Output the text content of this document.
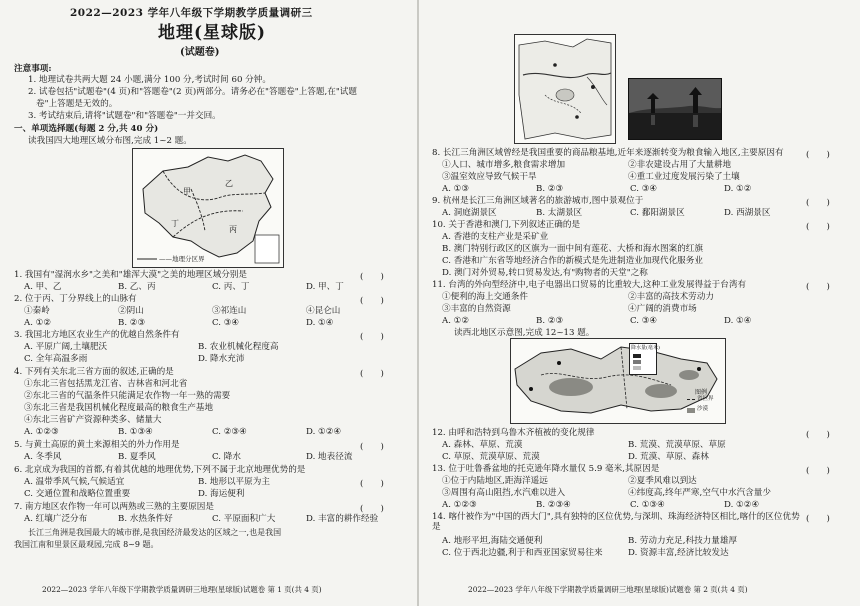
2022—2023 学年八年级下学期教学质量调研三
地理(星球版)
(试题卷)
注意事项:
1. 地理试卷共两大题 24 小题,满分 100 分,考试时间 60 分钟。
2. 试卷包括"试题卷"(4 页)和"答题卷"(2 页)两部分。请务必在"答题卷"上答题,在"试题
卷"上答题是无效的。
3. 考试结束后,请将"试题卷"和"答题卷"一并交回。
一、单项选择题(每题 2 分,共 40 分)
读我国四大地理区域分布图,完成 1~2 题。
甲
乙
丙
丁
——地理分区界
1. 我国有"湿润水乡"之美和"雄浑大漠"之美的地理区域分别是	(　　)
A. 甲、乙	B. 乙、丙	C. 丙、丁	D. 甲、丁
2. 位于丙、丁分界线上的山脉有	(　　)
①秦岭	②阴山	③祁连山	④昆仑山
A. ①②	B. ②③	C. ③④	D. ①④
3. 我国北方地区农业生产的优越自然条件有	(　　)
A. 平原广阔,土壤肥沃	B. 农业机械化程度高
C. 全年高温多雨	D. 降水充沛
4. 下列有关东北三省方面的叙述,正确的是	(　　)
①东北三省包括黑龙江省、吉林省和河北省
②东北三省的气温条件只能满足农作物一年一熟的需要
③东北三省是我国机械化程度最高的粮食生产基地
④东北三省矿产资源种类多、储量大
A. ①②③	B. ①③④	C. ②③④	D. ①②④
5. 与黄土高原的黄土来源相关的外力作用是	(　　)
A. 冬季风	B. 夏季风	C. 降水	D. 地表径流
6. 北京成为我国的首都,有着其优越的地理优势,下列不属于北京地理优势的是
(　　)
A. 温带季风气候,气候适宜	B. 地形以平原为主
C. 交通位置和战略位置重要	D. 海运便利
7. 南方地区农作物一年可以两熟或三熟的主要原因是	(　　)
A. 红壤广泛分布	B. 水热条件好	C. 平原面积广大	D. 丰富的耕作经验
长江三角洲是我国最大的城市群,是我国经济最发达的区域之一,也是我国
我国江南和里景区最观园,完成 8~9 题。
2022—2023 学年八年级下学期教学质量调研三地理(星球版)试题卷 第 1 页(共 4 页)
8. 长江三角洲区域曾经是我国重要的商品粮基地,近年来逐渐转变为粮食输入地区,主要原因有	(　　)
①人口、城市增多,粮食需求增加	②非农建设占用了大量耕地
③温室效应导致气候干旱	④重工业过度发展污染了土壤
A. ①③	B. ②③	C. ③④	D. ①②
9. 杭州是长江三角洲区域著名的旅游城市,图中景观位于	(　　)
A. 洞庭湖景区	B. 太湖景区	C. 鄱阳湖景区	D. 西湖景区
10. 关于香港和澳门,下列叙述正确的是	(　　)
A. 香港的支柱产业是采矿业
B. 澳门特别行政区的区旗为一面中间有莲花、大桥和海水图案的红旗
C. 香港和广东省等地经济合作的新模式是先进制造业加现代化服务业
D. 澳门对外贸易,转口贸易发达,有"购物者的天堂"之称
11. 台湾的外向型经济中,电子电器出口贸易的比重较大,这种工业发展得益于台湾有	(　　)
①便利的海上交通条件	②丰富的高技术劳动力
③丰富的自然资源	④广阔的消费市场
A. ①②	B. ②③	C. ③④	D. ①④
读西北地区示意图,完成 12~13 题。
降水量(毫米)
图例
省区界
沙漠
12. 由呼和浩特到乌鲁木齐植被的变化规律	(　　)
A. 森林、草原、荒漠	B. 荒漠、荒漠草原、草原
C. 草原、荒漠草原、荒漠	D. 荒漠、草原、森林
13. 位于吐鲁番盆地的托克逊年降水量仅 5.9 毫米,其原因是	(　　)
①位于内陆地区,距海洋遥远	②夏季风难以到达
③周围有高山阻挡,水汽难以进入	④纬度高,终年严寒,空气中水汽含量少
A. ①②③	B. ②③④	C. ①③④	D. ①②④
14. 喀什被作为"中国的西大门",具有独特的区位优势,与深圳、珠海经济特区相比,喀什的区位优势是
(　　)
A. 地形平坦,海陆交通便利	B. 劳动力充足,科技力量雄厚
C. 位于西北边疆,利于和西亚国家贸易往来	D. 资源丰富,经济比较发达
2022—2023 学年八年级下学期教学质量调研三地理(星球版)试题卷 第 2 页(共 4 页)
